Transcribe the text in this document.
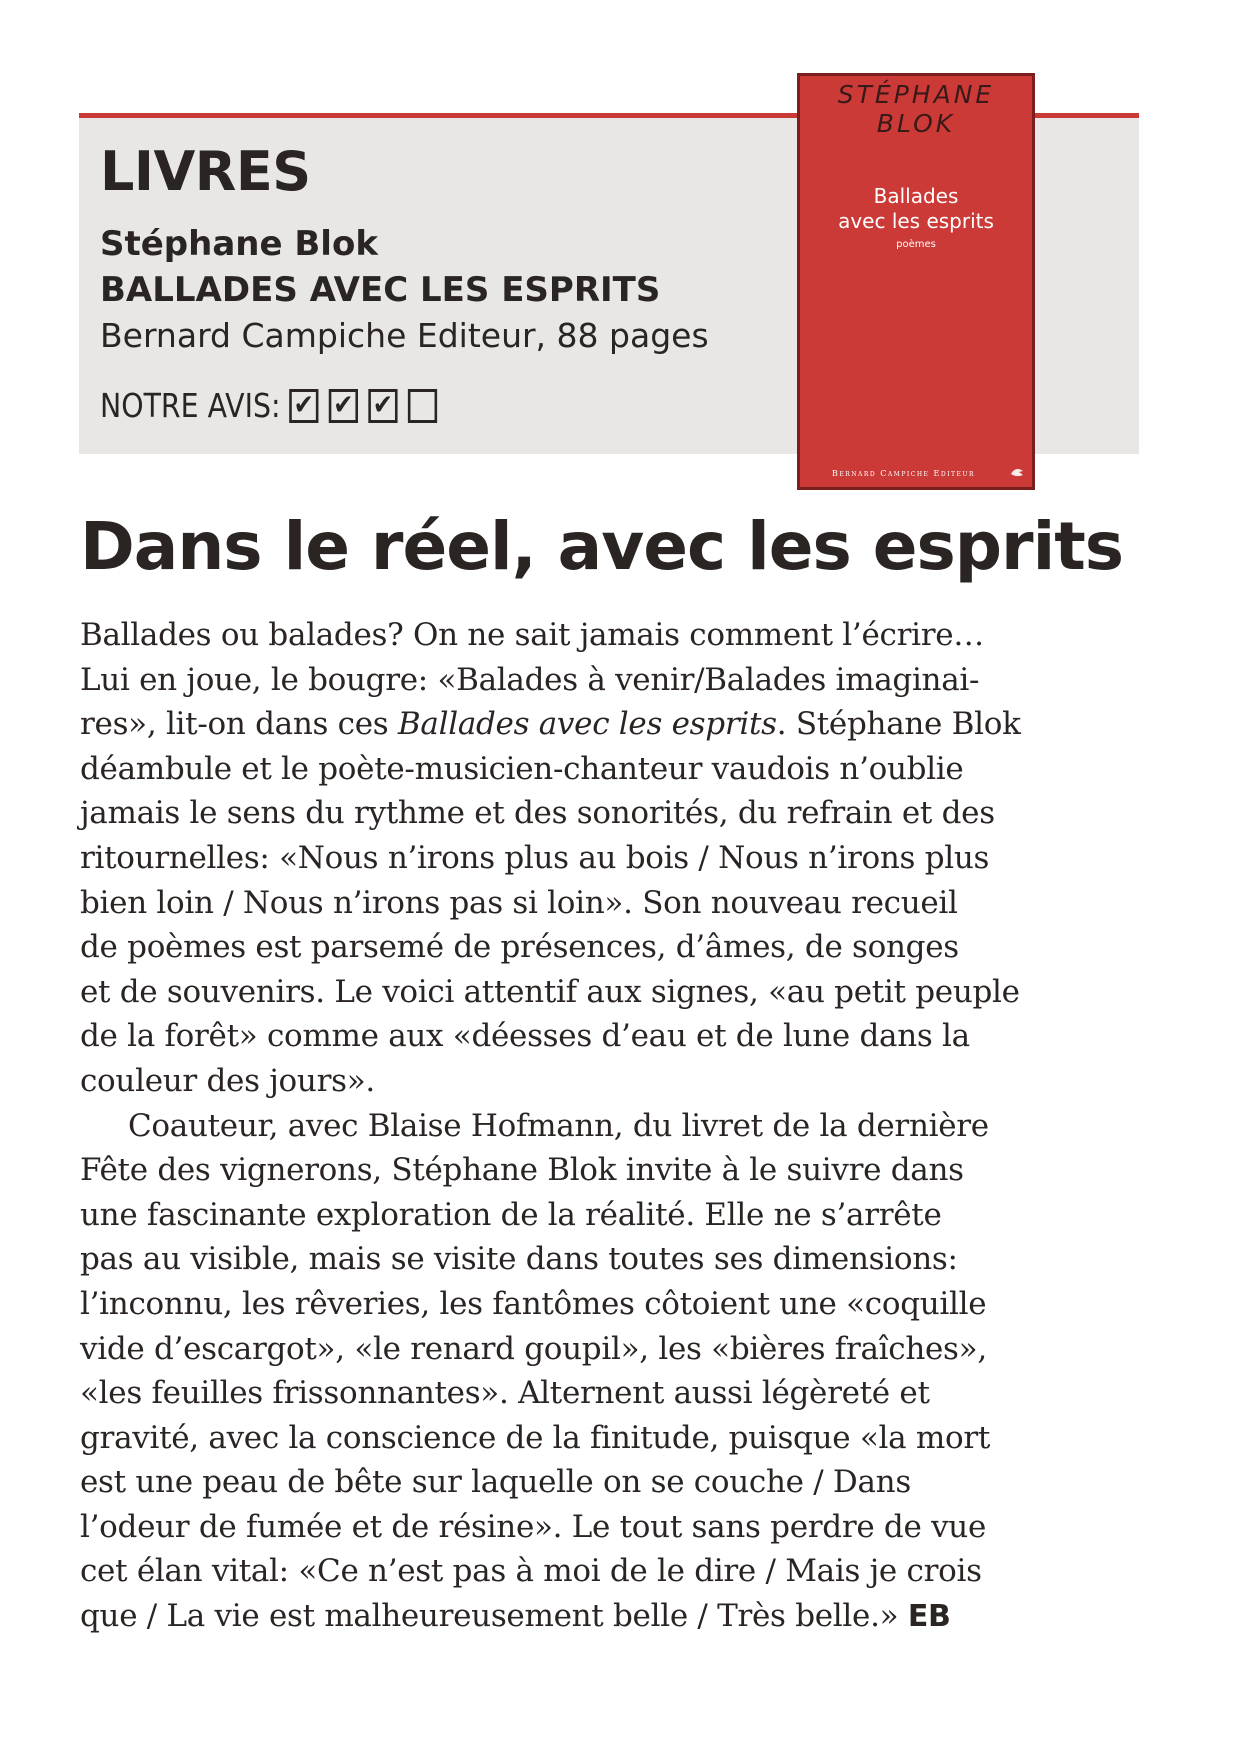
LIVRES
Stéphane Blok
BALLADES AVEC LES ESPRITS
Bernard Campiche Editeur, 88 pages
NOTRE AVIS: ✔ ✔ ✔
STÉPHANE BLOK
Ballades
avec les esprits
poèmes
Bernard Campiche Editeur
Dans le réel, avec les esprits
Ballades ou balades? On ne sait jamais comment l’écrire…
Lui en joue, le bougre: «Balades à venir/Balades imaginai-
res», lit-on dans ces Ballades avec les esprits. Stéphane Blok
déambule et le poète-musicien-chanteur vaudois n’oublie
jamais le sens du rythme et des sonorités, du refrain et des
ritournelles: «Nous n’irons plus au bois / Nous n’irons plus
bien loin / Nous n’irons pas si loin». Son nouveau recueil
de poèmes est parsemé de présences, d’âmes, de songes
et de souvenirs. Le voici attentif aux signes, «au petit peuple
de la forêt» comme aux «déesses d’eau et de lune dans la
couleur des jours».
Coauteur, avec Blaise Hofmann, du livret de la dernière
Fête des vignerons, Stéphane Blok invite à le suivre dans
une fascinante exploration de la réalité. Elle ne s’arrête
pas au visible, mais se visite dans toutes ses dimensions:
l’inconnu, les rêveries, les fantômes côtoient une «coquille
vide d’escargot», «le renard goupil», les «bières fraîches»,
«les feuilles frissonnantes». Alternent aussi légèreté et
gravité, avec la conscience de la finitude, puisque «la mort
est une peau de bête sur laquelle on se couche / Dans
l’odeur de fumée et de résine». Le tout sans perdre de vue
cet élan vital: «Ce n’est pas à moi de le dire / Mais je crois
que / La vie est malheureusement belle / Très belle.» EB
